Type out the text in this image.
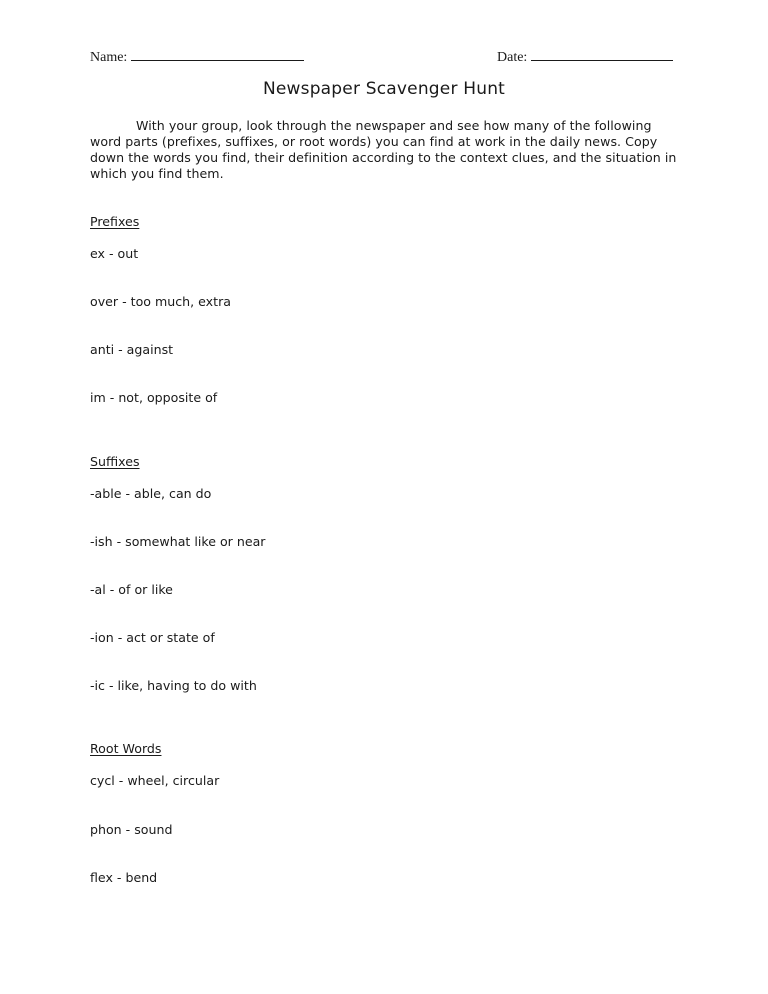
Name:	Date:
Newspaper Scavenger Hunt
With your group, look through the newspaper and see how many of the following word parts (prefixes, suffixes, or root words) you can find at work in the daily news. Copy down the words you find, their definition according to the context clues, and the situation in which you find them.
Prefixes
ex - out
over - too much, extra
anti - against
im - not, opposite of
Suffixes
-able - able, can do
-ish - somewhat like or near
-al - of or like
-ion - act or state of
-ic - like, having to do with
Root Words
cycl - wheel, circular
phon - sound
flex - bend
